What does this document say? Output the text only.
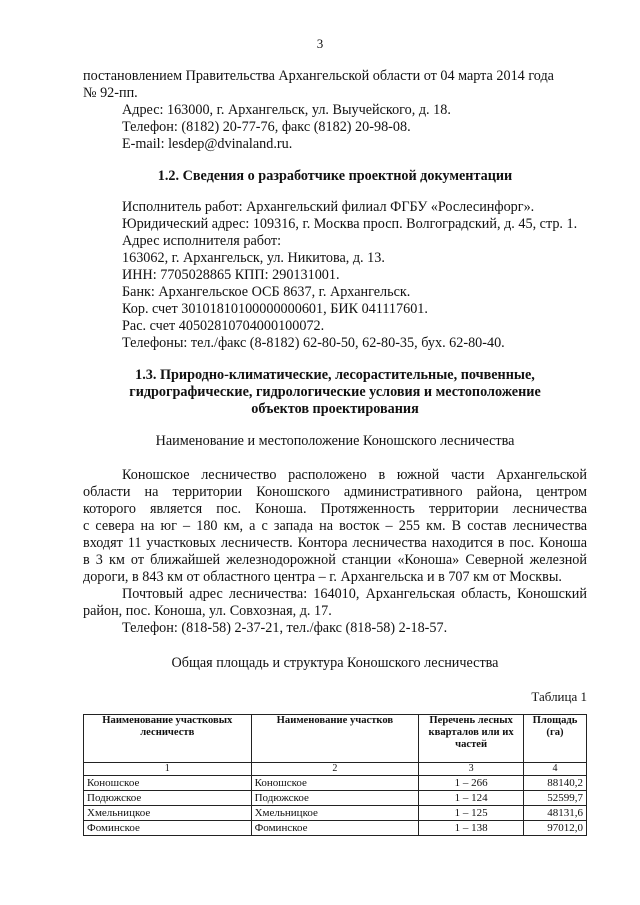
3
постановлением Правительства Архангельской области от 04 марта 2014 года
№ 92-пп.
Адрес: 163000, г. Архангельск, ул. Выучейского, д. 18.
Телефон: (8182) 20-77-76, факс (8182) 20-98-08.
E-mail: lesdep@dvinaland.ru.
1.2. Сведения о разработчике проектной документации
Исполнитель работ: Архангельский филиал ФГБУ «Рослесинфорг».
Юридический адрес: 109316, г. Москва просп. Волгоградский, д. 45, стр. 1.
Адрес исполнителя работ:
163062, г. Архангельск, ул. Никитова, д. 13.
ИНН: 7705028865 КПП: 290131001.
Банк: Архангельское ОСБ 8637, г. Архангельск.
Кор. счет 30101810100000000601, БИК 041117601.
Рас. счет 40502810704000100072.
Телефоны: тел./факс (8-8182) 62-80-50, 62-80-35, бух. 62-80-40.
1.3. Природно-климатические, лесорастительные, почвенные,
гидрографические, гидрологические условия и местоположение
объектов проектирования
Наименование и местоположение Коношского лесничества
Коношское лесничество расположено в южной части Архангельской
области на территории Коношского административного района, центром
которого является пос. Коноша. Протяженность территории лесничества
с севера на юг – 180 км, а с запада на восток – 255 км. В состав лесничества
входят 11 участковых лесничеств. Контора лесничества находится в пос. Коноша
в 3 км от ближайшей железнодорожной станции «Коноша» Северной железной
дороги, в 843 км от областного центра – г. Архангельска и в 707 км от Москвы.
Почтовый адрес лесничества: 164010, Архангельская область, Коношский
район, пос. Коноша, ул. Совхозная, д. 17.
Телефон: (818-58) 2-37-21, тел./факс (818-58) 2-18-57.
Общая площадь и структура Коношского лесничества
Таблица 1
Наименование участковых лесничеств	Наименование участков	Перечень лесных кварталов или их частей	Площадь (га)
1	2	3	4
Коношское	Коношское	1 – 266	88140,2
Подюжское	Подюжское	1 – 124	52599,7
Хмельницкое	Хмельницкое	1 – 125	48131,6
Фоминское	Фоминское	1 – 138	97012,0
